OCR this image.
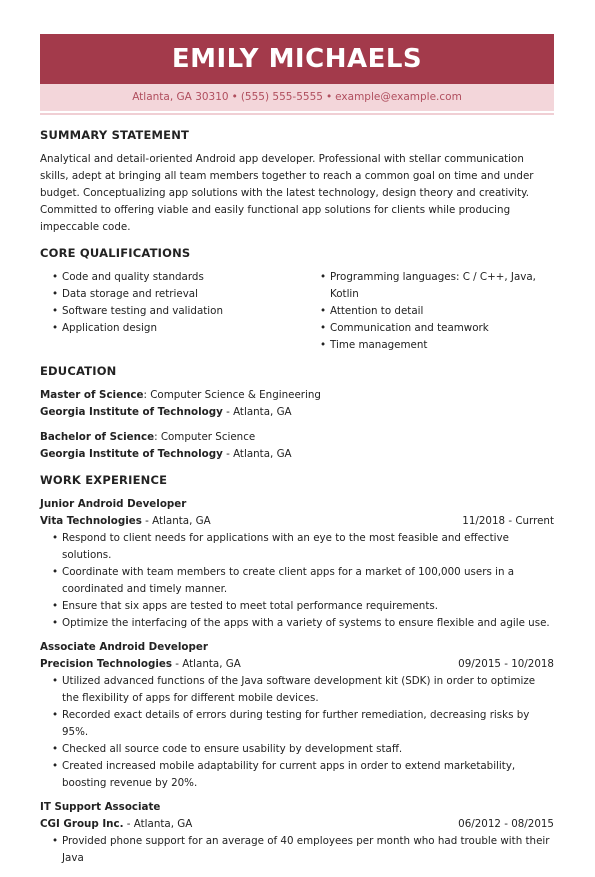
EMILY MICHAELS
Atlanta, GA 30310 • (555) 555-5555 • example@example.com
SUMMARY STATEMENT
Analytical and detail-oriented Android app developer. Professional with stellar communication skills, adept at bringing all team members together to reach a common goal on time and under budget. Conceptualizing app solutions with the latest technology, design theory and creativity. Committed to offering viable and easily functional app solutions for clients while producing impeccable code.
CORE QUALIFICATIONS
• Code and quality standards
• Data storage and retrieval
• Software testing and validation
• Application design
• Programming languages: C / C++, Java, Kotlin
• Attention to detail
• Communication and teamwork
• Time management
EDUCATION
Master of Science: Computer Science & Engineering
Georgia Institute of Technology - Atlanta, GA
Bachelor of Science: Computer Science
Georgia Institute of Technology - Atlanta, GA
WORK EXPERIENCE
Junior Android Developer
Vita Technologies - Atlanta, GA	11/2018 - Current
• Respond to client needs for applications with an eye to the most feasible and effective solutions.
• Coordinate with team members to create client apps for a market of 100,000 users in a coordinated and timely manner.
• Ensure that six apps are tested to meet total performance requirements.
• Optimize the interfacing of the apps with a variety of systems to ensure flexible and agile use.
Associate Android Developer
Precision Technologies - Atlanta, GA	09/2015 - 10/2018
• Utilized advanced functions of the Java software development kit (SDK) in order to optimize the flexibility of apps for different mobile devices.
• Recorded exact details of errors during testing for further remediation, decreasing risks by 95%.
• Checked all source code to ensure usability by development staff.
• Created increased mobile adaptability for current apps in order to extend marketability, boosting revenue by 20%.
IT Support Associate
CGI Group Inc. - Atlanta, GA	06/2012 - 08/2015
• Provided phone support for an average of 40 employees per month who had trouble with their Java
